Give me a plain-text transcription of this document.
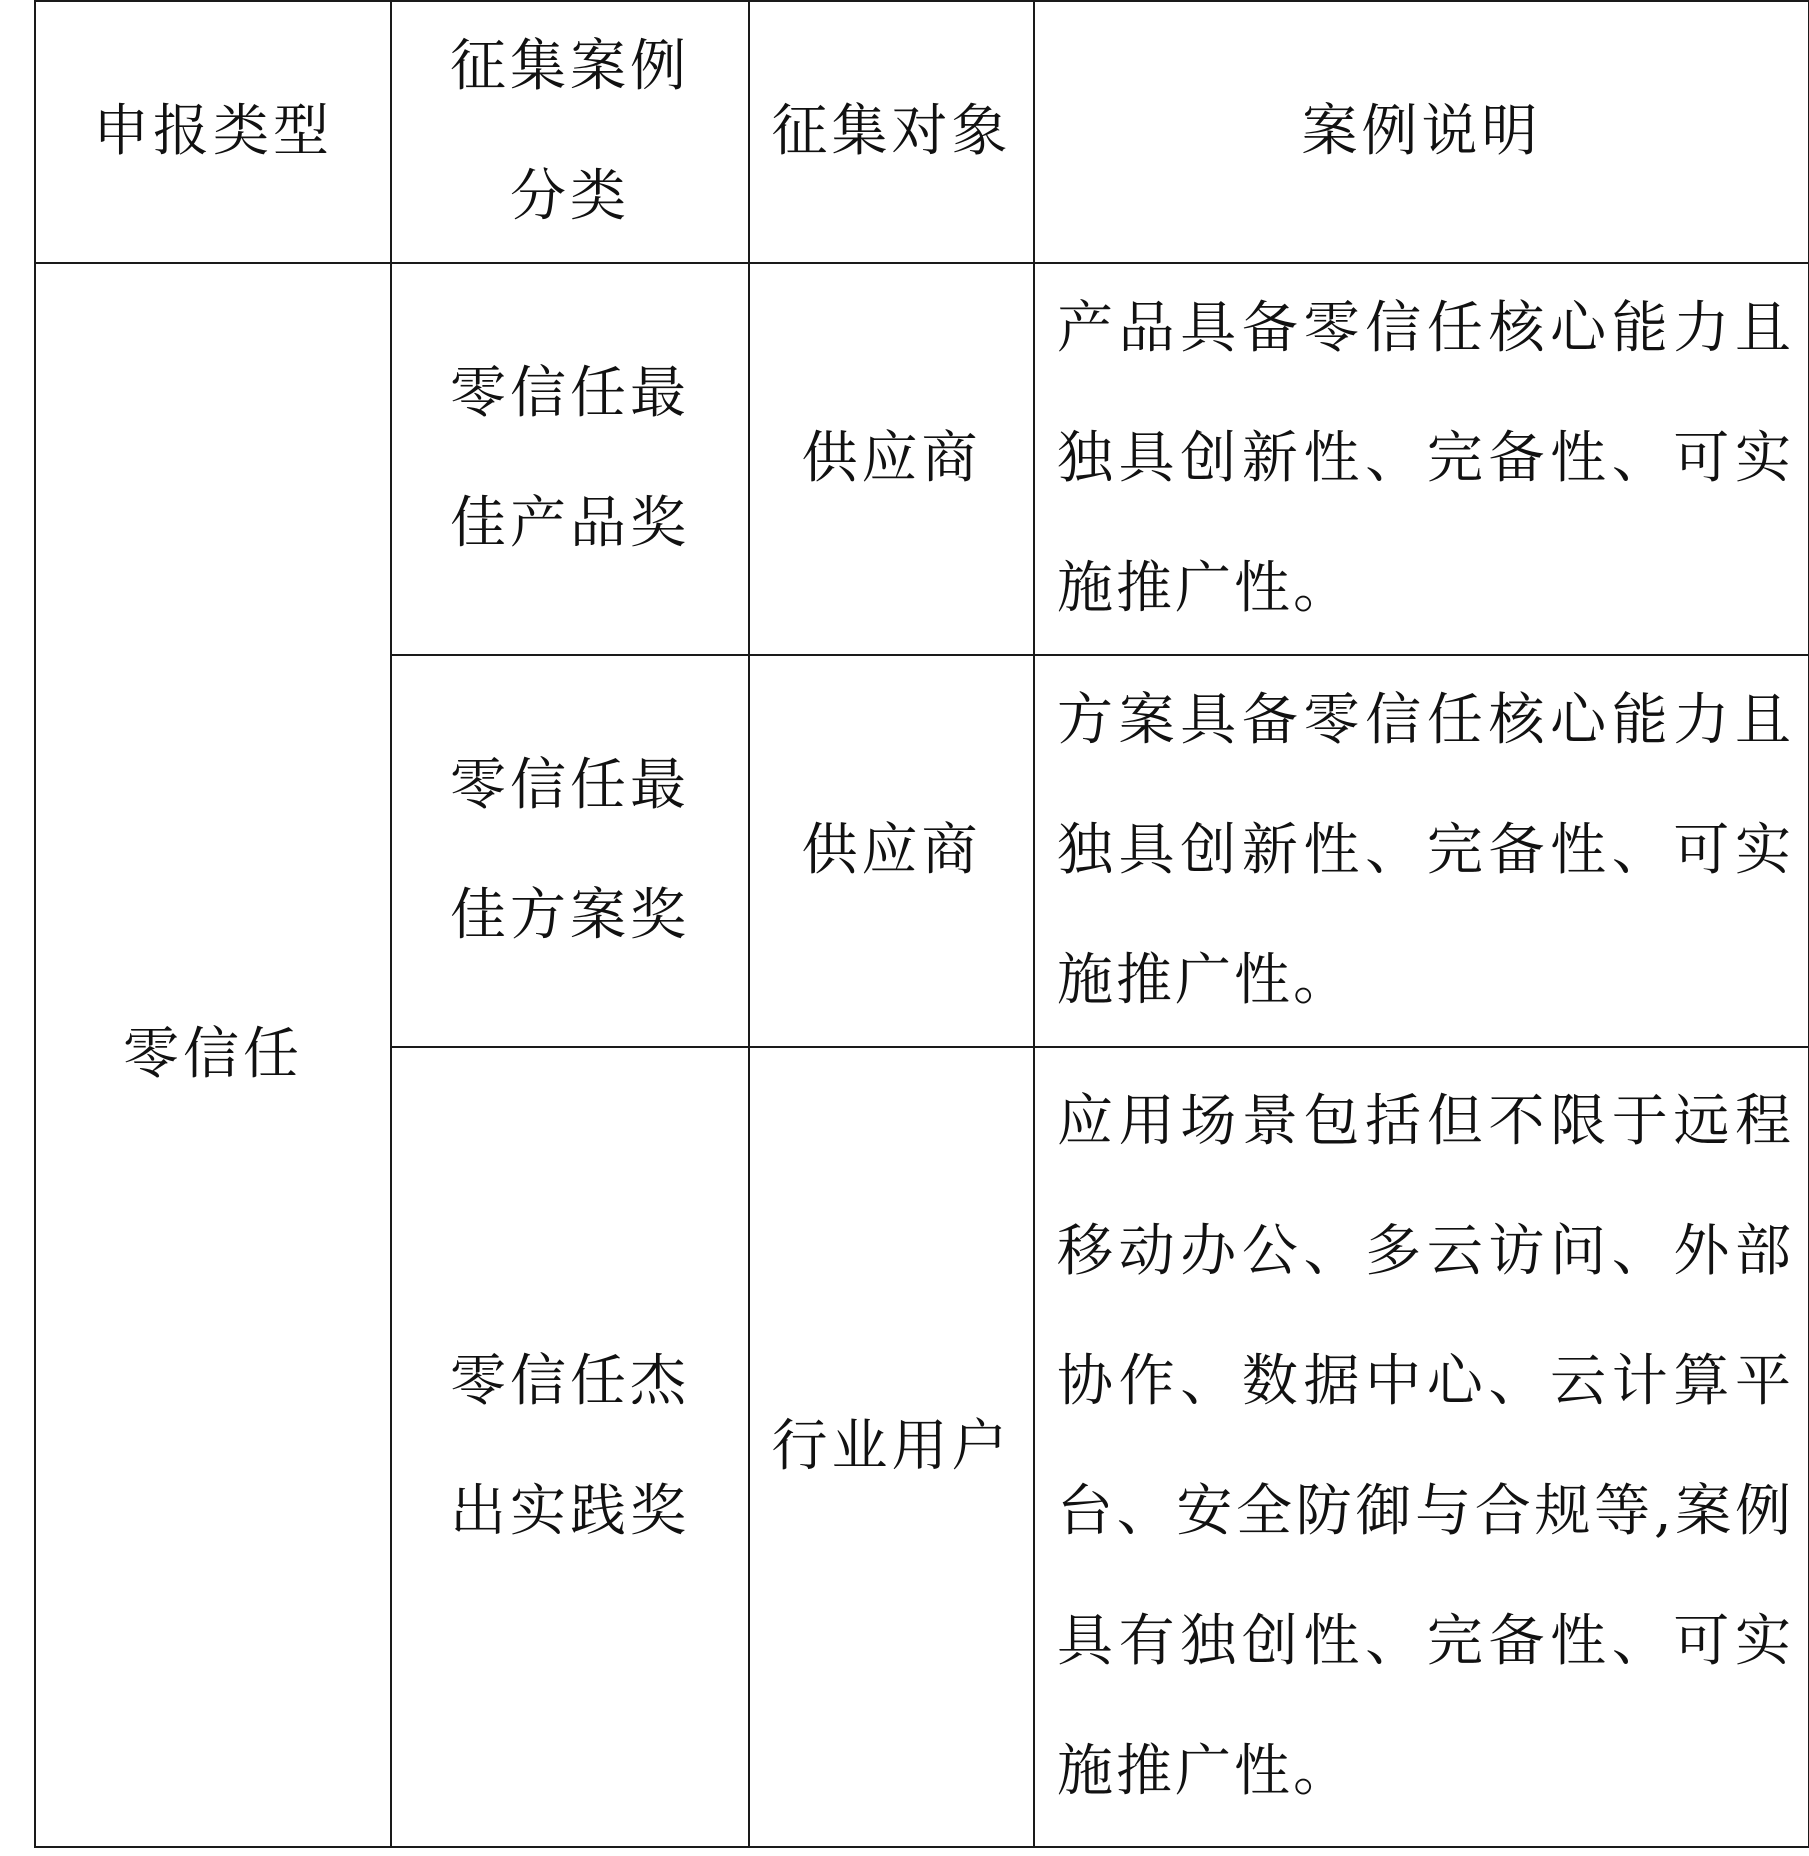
申报类型	征集案例分类	征集对象	案例说明
零信任	零信任最佳产品奖	供应商	产品具备零信任核心能力且独具创新性、完备性、可实施推广性。
	零信任最佳方案奖	供应商	方案具备零信任核心能力且独具创新性、完备性、可实施推广性。
	零信任杰出实践奖	行业用户	应用场景包括但不限于远程移动办公、多云访问、外部协作、数据中心、云计算平台、安全防御与合规等,案例具有独创性、完备性、可实施推广性。
